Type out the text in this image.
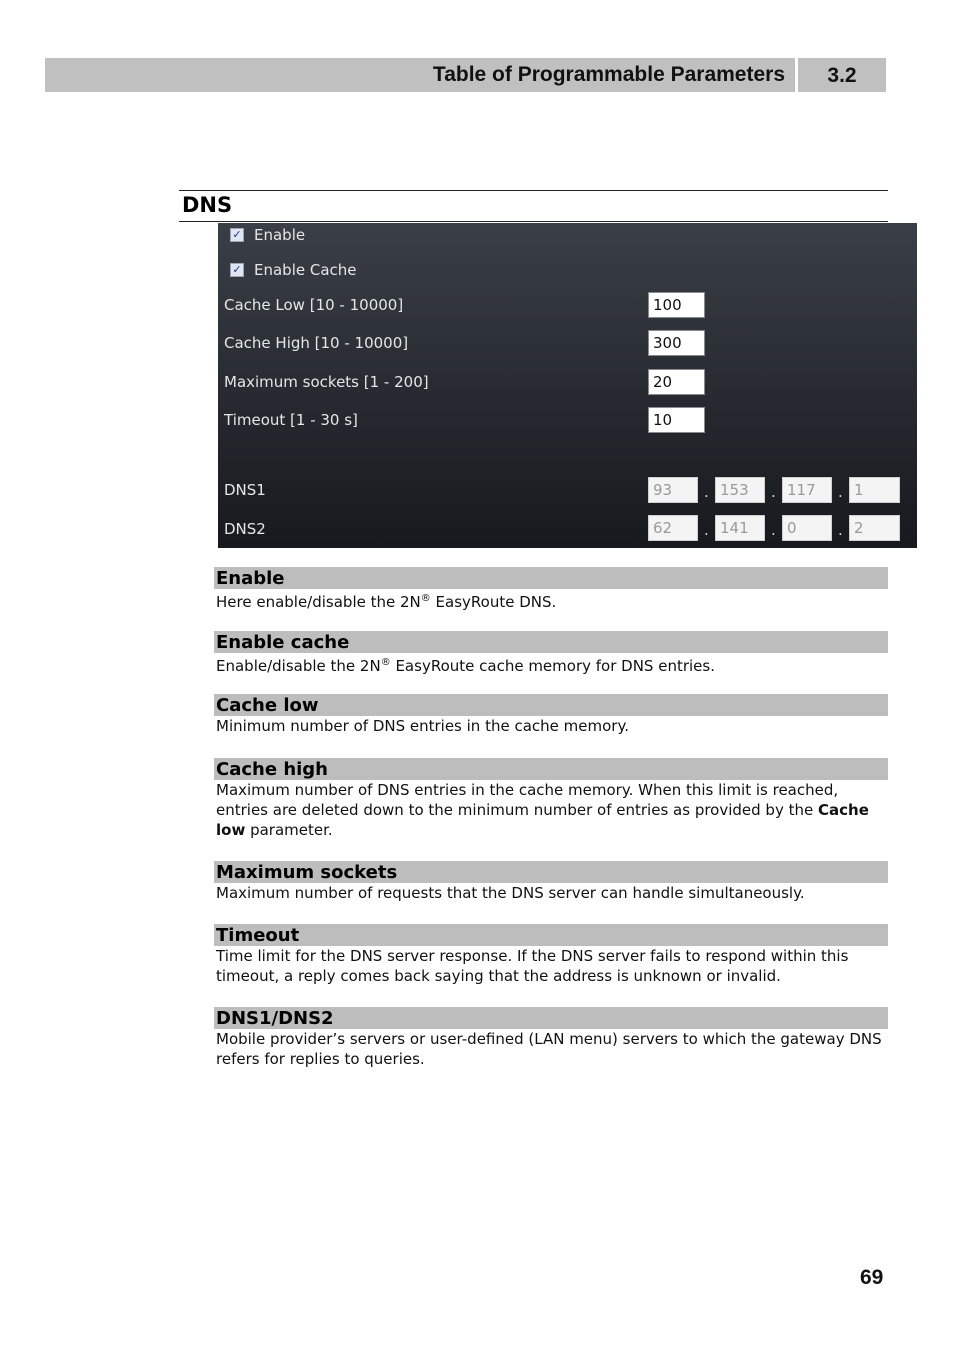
Table of Programmable Parameters	3.2
DNS
✓ Enable
✓ Enable Cache
Cache Low [10 - 10000]	100
Cache High [10 - 10000]	300
Maximum sockets [1 - 200]	20
Timeout [1 - 30 s]	10
DNS1	93	. 153	. 117	. 1
DNS2	62	. 141	. 0	. 2
Enable
Here enable/disable the 2N® EasyRoute DNS.
Enable cache
Enable/disable the 2N® EasyRoute cache memory for DNS entries.
Cache low
Minimum number of DNS entries in the cache memory.
Cache high
Maximum number of DNS entries in the cache memory. When this limit is reached, entries are deleted down to the minimum number of entries as provided by the Cache low parameter.
Maximum sockets
Maximum number of requests that the DNS server can handle simultaneously.
Timeout
Time limit for the DNS server response. If the DNS server fails to respond within this timeout, a reply comes back saying that the address is unknown or invalid.
DNS1/DNS2
Mobile provider’s servers or user-defined (LAN menu) servers to which the gateway DNS refers for replies to queries.
69
